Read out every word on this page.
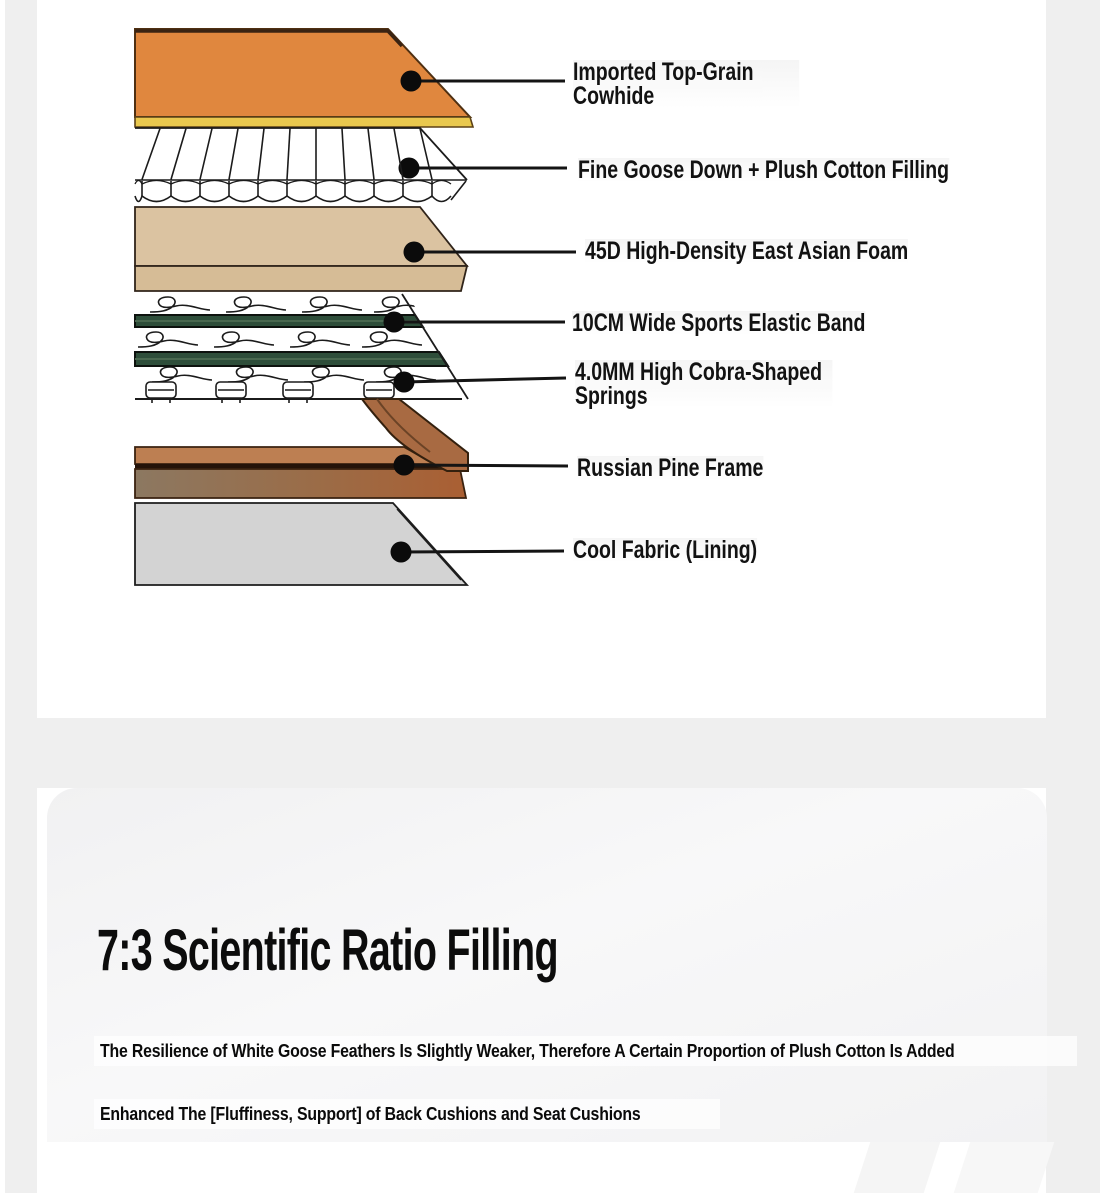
Imported Top-Grain Cowhide
Fine Goose Down + Plush Cotton Filling
45D High-Density East Asian Foam
10CM Wide Sports Elastic Band
4.0MM High Cobra-Shaped Springs
Russian Pine Frame
Cool Fabric (Lining)
7:3 Scientific Ratio Filling
The Resilience of White Goose Feathers Is Slightly Weaker, Therefore A Certain Proportion of Plush Cotton Is Added
Enhanced The [Fluffiness, Support] of Back Cushions and Seat Cushions
